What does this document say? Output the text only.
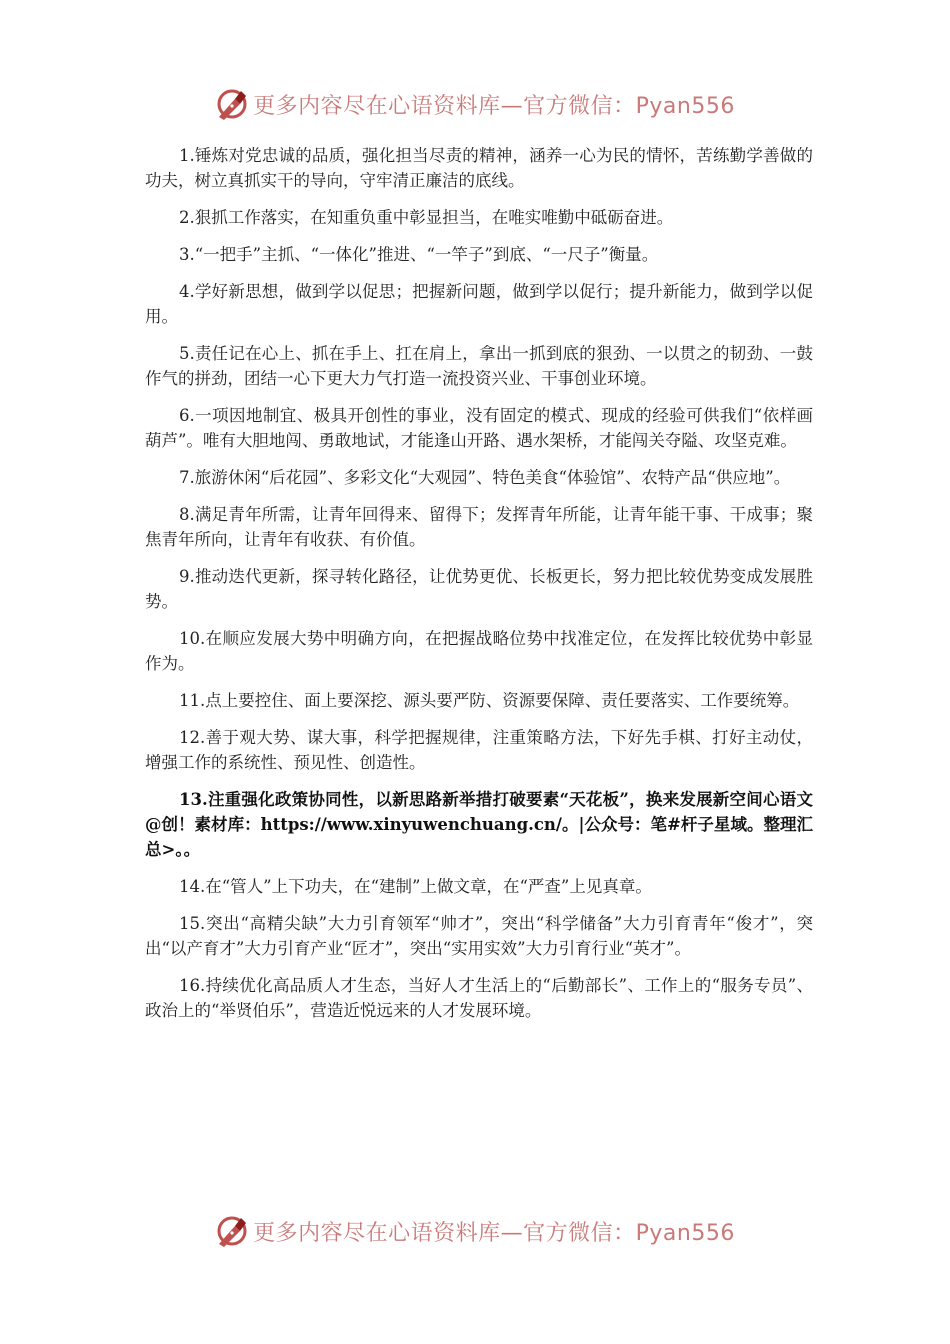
更多内容尽在心语资料库—官方微信：Pyan556

1.锤炼对党忠诚的品质，强化担当尽责的精神，涵养一心为民的情怀，苦练勤学善做的功夫，树立真抓实干的导向，守牢清正廉洁的底线。

2.狠抓工作落实，在知重负重中彰显担当，在唯实唯勤中砥砺奋进。

3.“一把手”主抓、“一体化”推进、“一竿子”到底、“一尺子”衡量。

4.学好新思想，做到学以促思；把握新问题，做到学以促行；提升新能力，做到学以促用。

5.责任记在心上、抓在手上、扛在肩上，拿出一抓到底的狠劲、一以贯之的韧劲、一鼓作气的拼劲，团结一心下更大力气打造一流投资兴业、干事创业环境。

6.一项因地制宜、极具开创性的事业，没有固定的模式、现成的经验可供我们“依样画葫芦”。唯有大胆地闯、勇敢地试，才能逢山开路、遇水架桥，才能闯关夺隘、攻坚克难。

7.旅游休闲“后花园”、多彩文化“大观园”、特色美食“体验馆”、农特产品“供应地”。

8.满足青年所需，让青年回得来、留得下；发挥青年所能，让青年能干事、干成事；聚焦青年所向，让青年有收获、有价值。

9.推动迭代更新，探寻转化路径，让优势更优、长板更长，努力把比较优势变成发展胜势。

10.在顺应发展大势中明确方向，在把握战略位势中找准定位，在发挥比较优势中彰显作为。

11.点上要控住、面上要深挖、源头要严防、资源要保障、责任要落实、工作要统筹。

12.善于观大势、谋大事，科学把握规律，注重策略方法，下好先手棋、打好主动仗，增强工作的系统性、预见性、创造性。

13.注重强化政策协同性，以新思路新举措打破要素“天花板”，换来发展新空间心语文@创！素材库：https://www.xinyuwenchuang.cn/。|公众号：笔#杆子星域。整理汇总>。。

14.在“管人”上下功夫，在“建制”上做文章，在“严查”上见真章。

15.突出“高精尖缺”大力引育领军“帅才”，突出“科学储备”大力引育青年“俊才”，突出“以产育才”大力引育产业“匠才”，突出“实用实效”大力引育行业“英才”。

16.持续优化高品质人才生态，当好人才生活上的“后勤部长”、工作上的“服务专员”、政治上的“举贤伯乐”，营造近悦远来的人才发展环境。

更多内容尽在心语资料库—官方微信：Pyan556
